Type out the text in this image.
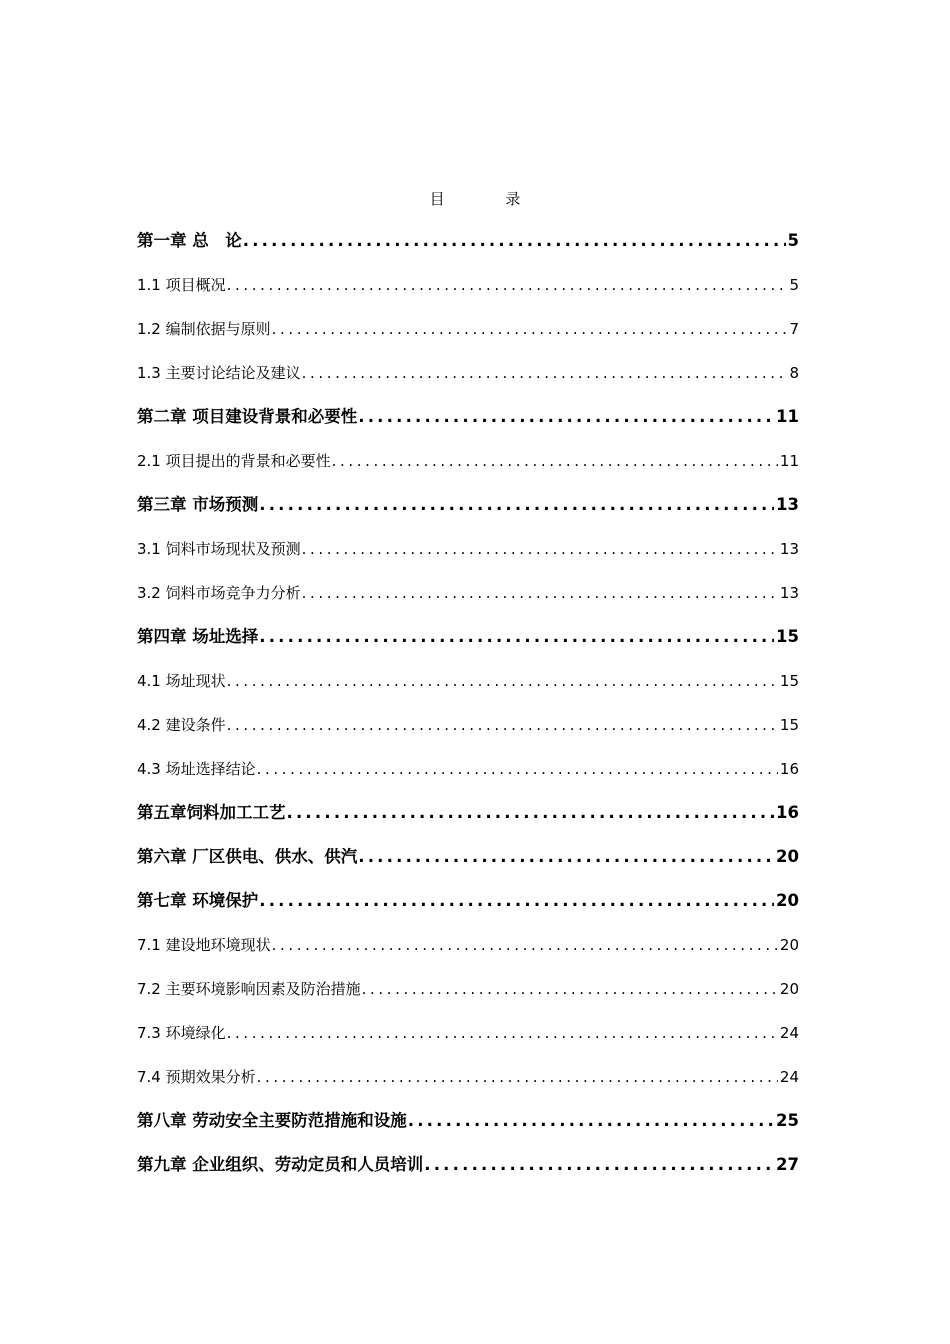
目 录
第一章 总　论 .....	5
1.1 项目概况 .....	5
1.2 编制依据与原则 .....	7
1.3 主要讨论结论及建议 .....	8
第二章 项目建设背景和必要性 .....	11
2.1 项目提出的背景和必要性 .....	11
第三章 市场预测 .....	13
3.1 饲料市场现状及预测 .....	13
3.2 饲料市场竞争力分析 .....	13
第四章 场址选择 .....	15
4.1 场址现状 .....	15
4.2 建设条件 .....	15
4.3 场址选择结论 .....	16
第五章饲料加工工艺 .....	16
第六章 厂区供电、供水、供汽 .....	20
第七章 环境保护 .....	20
7.1 建设地环境现状 .....	20
7.2 主要环境影响因素及防治措施 .....	20
7.3 环境绿化 .....	24
7.4 预期效果分析 .....	24
第八章 劳动安全主要防范措施和设施 .....	25
第九章 企业组织、劳动定员和人员培训 .....	27
